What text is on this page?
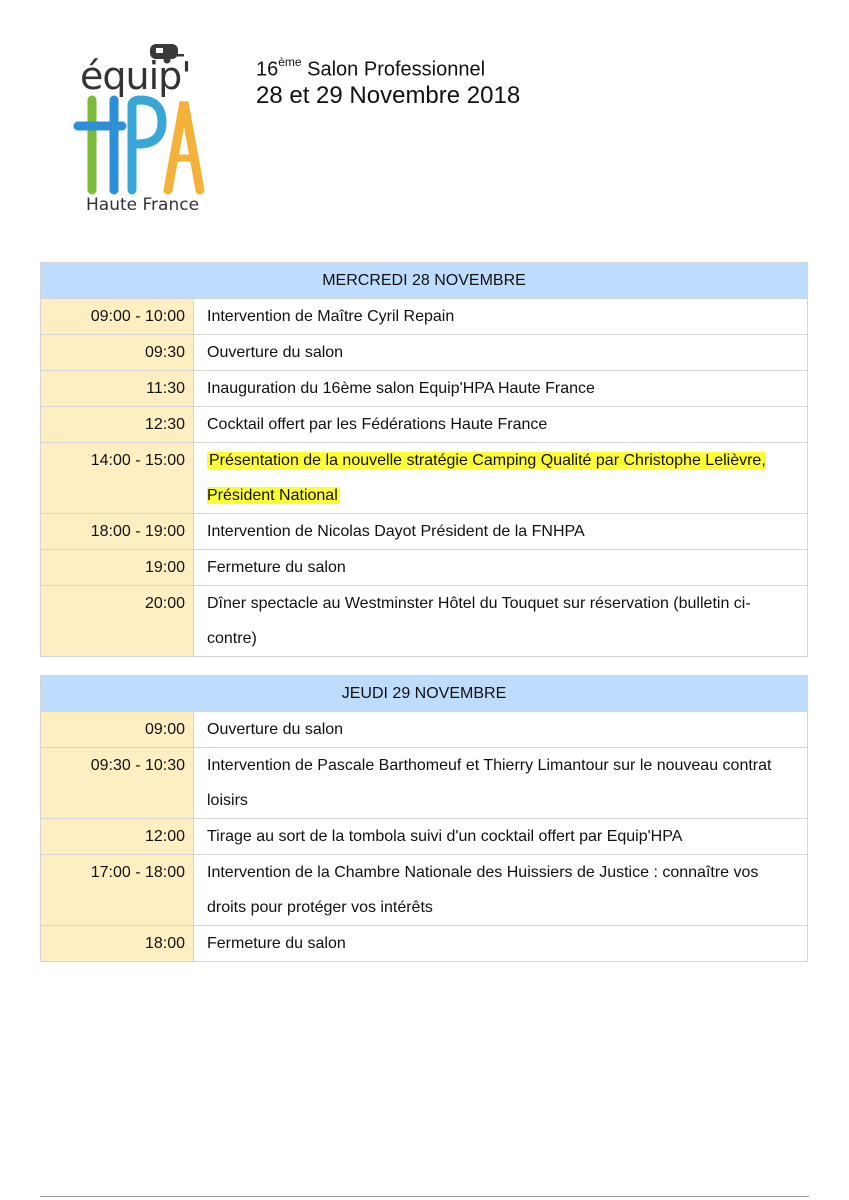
équip'
Haute France
16ème Salon Professionnel
28 et 29 Novembre 2018
MERCREDI 28 NOVEMBRE	
09:00 - 10:00	Intervention de Maître Cyril Repain
09:30	Ouverture du salon
11:30	Inauguration du 16ème salon Equip'HPA Haute France
12:30	Cocktail offert par les Fédérations Haute France
14:00 - 15:00	Présentation de la nouvelle stratégie Camping Qualité par Christophe Lelièvre, Président National
18:00 - 19:00	Intervention de Nicolas Dayot Président de la FNHPA
19:00	Fermeture du salon
20:00	Dîner spectacle au Westminster Hôtel du Touquet sur réservation (bulletin ci-contre)
JEUDI 29 NOVEMBRE	
09:00	Ouverture du salon
09:30 - 10:30	Intervention de Pascale Barthomeuf et Thierry Limantour sur le nouveau contrat loisirs
12:00	Tirage au sort de la tombola suivi d'un cocktail offert par Equip'HPA
17:00 - 18:00	Intervention de la Chambre Nationale des Huissiers de Justice : connaître vos droits pour protéger vos intérêts
18:00	Fermeture du salon
